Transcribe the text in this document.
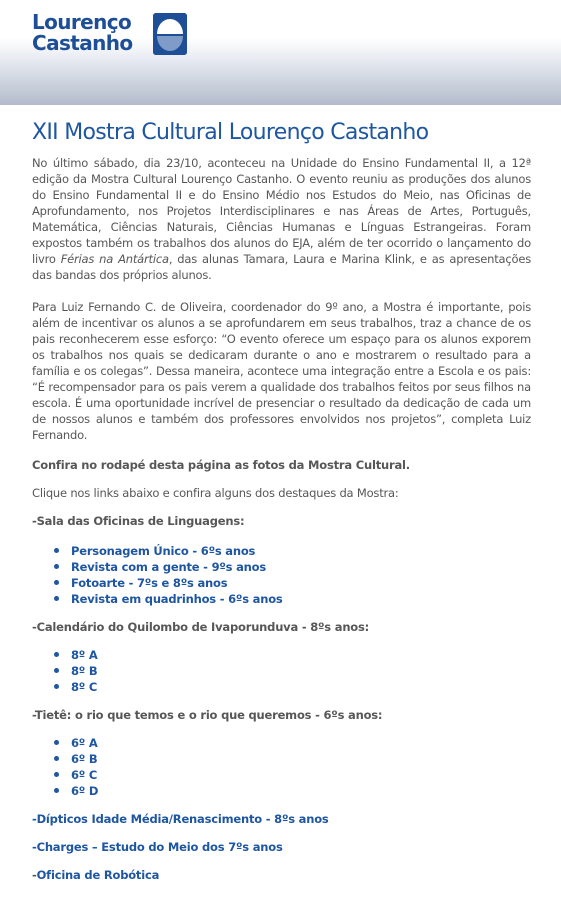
Lourenço
Castanho
XII Mostra Cultural Lourenço Castanho

No último sábado, dia 23/10, aconteceu na Unidade do Ensino Fundamental II, a 12ª edição da Mostra Cultural Lourenço Castanho. O evento reuniu as produções dos alunos do Ensino Fundamental II e do Ensino Médio nos Estudos do Meio, nas Oficinas de Aprofundamento, nos Projetos Interdisciplinares e nas Áreas de Artes, Português, Matemática, Ciências Naturais, Ciências Humanas e Línguas Estrangeiras. Foram expostos também os trabalhos dos alunos do EJA, além de ter ocorrido o lançamento do livro Férias na Antártica, das alunas Tamara, Laura e Marina Klink, e as apresentações das bandas dos próprios alunos.

Para Luiz Fernando C. de Oliveira, coordenador do 9º ano, a Mostra é importante, pois além de incentivar os alunos a se aprofundarem em seus trabalhos, traz a chance de os pais reconhecerem esse esforço: “O evento oferece um espaço para os alunos exporem os trabalhos nos quais se dedicaram durante o ano e mostrarem o resultado para a família e os colegas”. Dessa maneira, acontece uma integração entre a Escola e os pais: “É recompensador para os pais verem a qualidade dos trabalhos feitos por seus filhos na escola. É uma oportunidade incrível de presenciar o resultado da dedicação de cada um de nossos alunos e também dos professores envolvidos nos projetos”, completa Luiz Fernando.

Confira no rodapé desta página as fotos da Mostra Cultural.
Clique nos links abaixo e confira alguns dos destaques da Mostra:
-Sala das Oficinas de Linguagens:
Personagem Único - 6ºs anos
Revista com a gente - 9ºs anos
Fotoarte - 7ºs e 8ºs anos
Revista em quadrinhos - 6ºs anos
-Calendário do Quilombo de Ivaporunduva - 8ºs anos:
8º A
8º B
8º C
-Tietê: o rio que temos e o rio que queremos - 6ºs anos:
6º A
6º B
6º C
6º D
-Dípticos Idade Média/Renascimento - 8ºs anos
-Charges – Estudo do Meio dos 7ºs anos
-Oficina de Robótica
